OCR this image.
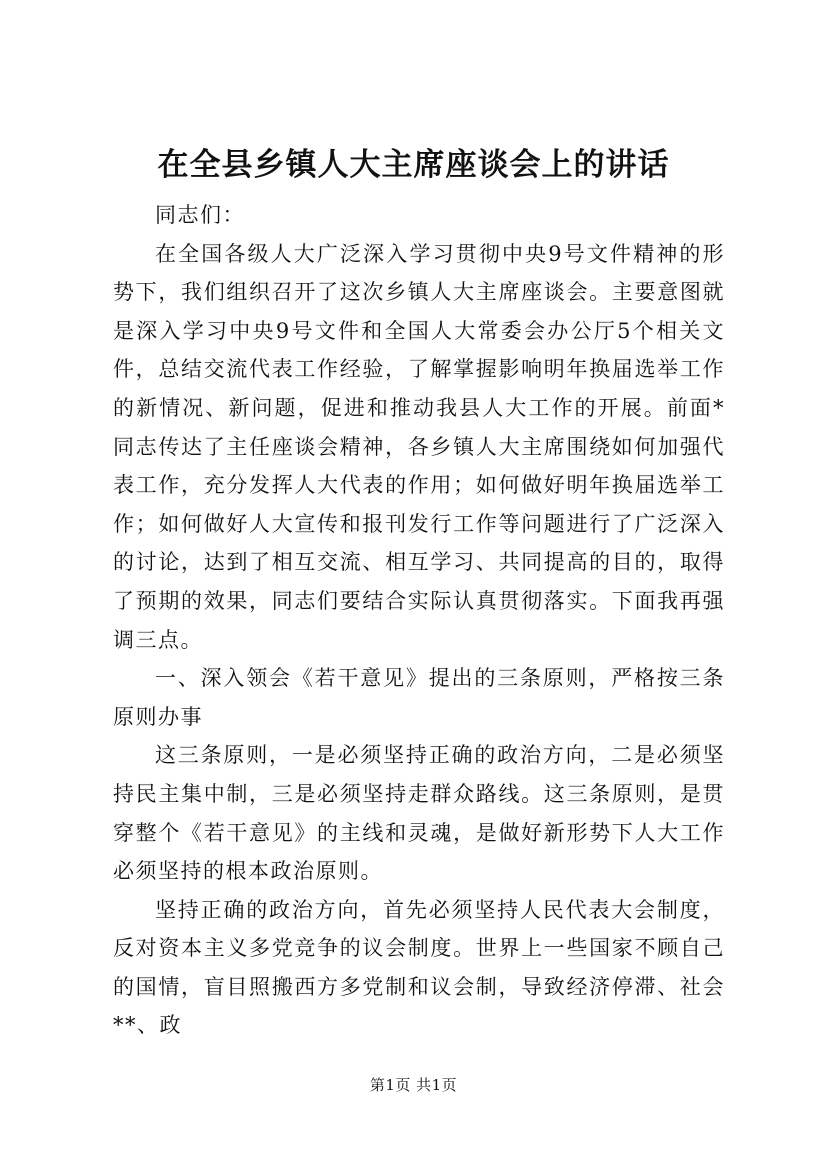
在全县乡镇人大主席座谈会上的讲话

同志们：

在全国各级人大广泛深入学习贯彻中央9号文件精神的形势下，我们组织召开了这次乡镇人大主席座谈会。主要意图就是深入学习中央9号文件和全国人大常委会办公厅5个相关文件，总结交流代表工作经验，了解掌握影响明年换届选举工作的新情况、新问题，促进和推动我县人大工作的开展。前面*同志传达了主任座谈会精神，各乡镇人大主席围绕如何加强代表工作，充分发挥人大代表的作用；如何做好明年换届选举工作；如何做好人大宣传和报刊发行工作等问题进行了广泛深入的讨论，达到了相互交流、相互学习、共同提高的目的，取得了预期的效果，同志们要结合实际认真贯彻落实。下面我再强调三点。

一、深入领会《若干意见》提出的三条原则，严格按三条原则办事

这三条原则，一是必须坚持正确的政治方向，二是必须坚持民主集中制，三是必须坚持走群众路线。这三条原则，是贯穿整个《若干意见》的主线和灵魂，是做好新形势下人大工作必须坚持的根本政治原则。

坚持正确的政治方向，首先必须坚持人民代表大会制度，反对资本主义多党竞争的议会制度。世界上一些国家不顾自己的国情，盲目照搬西方多党制和议会制，导致经济停滞、社会**、政

第1页 共1页
